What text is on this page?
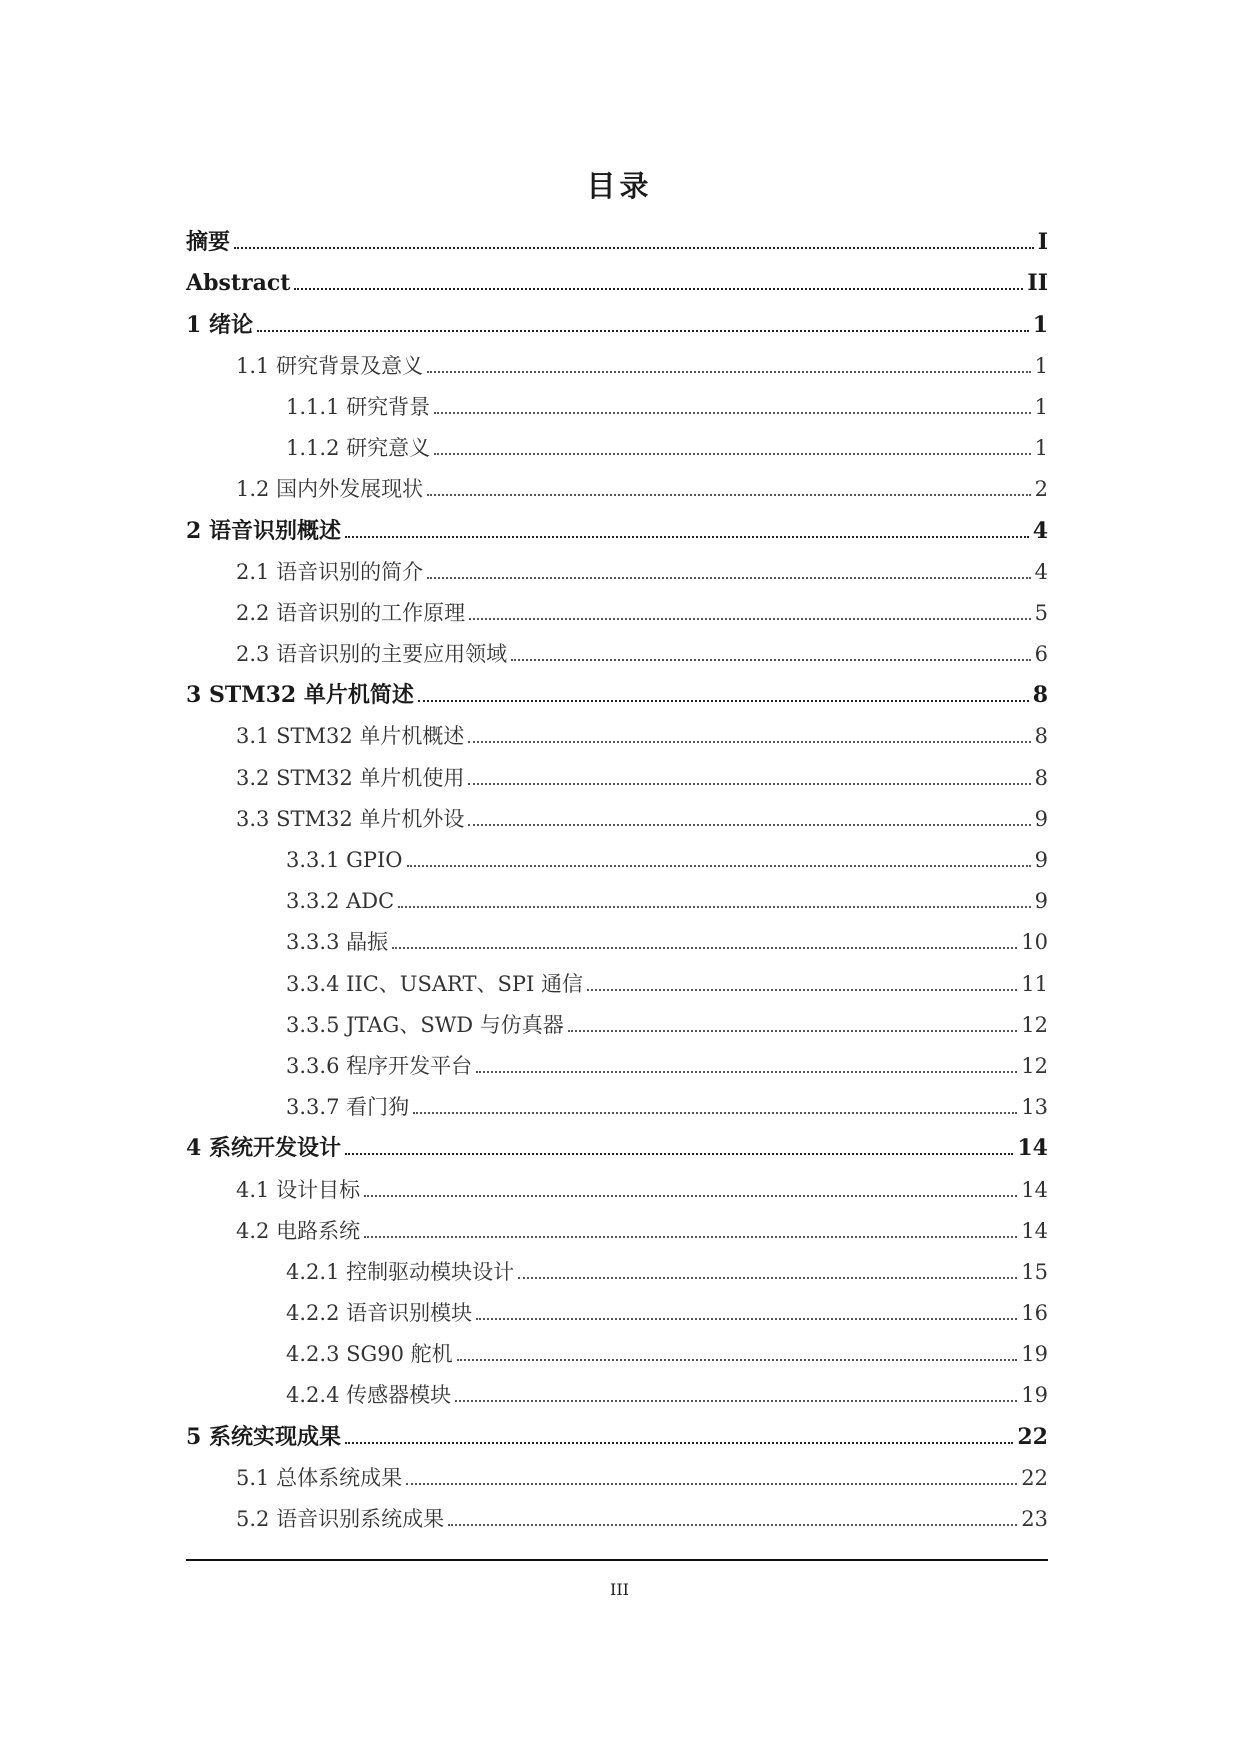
目录
摘要	I
Abstract	II
1 绪论	1
1.1 研究背景及意义	1
1.1.1 研究背景	1
1.1.2 研究意义	1
1.2 国内外发展现状	2
2 语音识别概述	4
2.1 语音识别的简介	4
2.2 语音识别的工作原理	5
2.3 语音识别的主要应用领域	6
3 STM32 单片机简述	8
3.1 STM32 单片机概述	8
3.2 STM32 单片机使用	8
3.3 STM32 单片机外设	9
3.3.1 GPIO	9
3.3.2 ADC	9
3.3.3 晶振	10
3.3.4 IIC、USART、SPI 通信	11
3.3.5 JTAG、SWD 与仿真器	12
3.3.6 程序开发平台	12
3.3.7 看门狗	13
4 系统开发设计	14
4.1 设计目标	14
4.2 电路系统	14
4.2.1 控制驱动模块设计	15
4.2.2 语音识别模块	16
4.2.3 SG90 舵机	19
4.2.4 传感器模块	19
5 系统实现成果	22
5.1 总体系统成果	22
5.2 语音识别系统成果	23
III
